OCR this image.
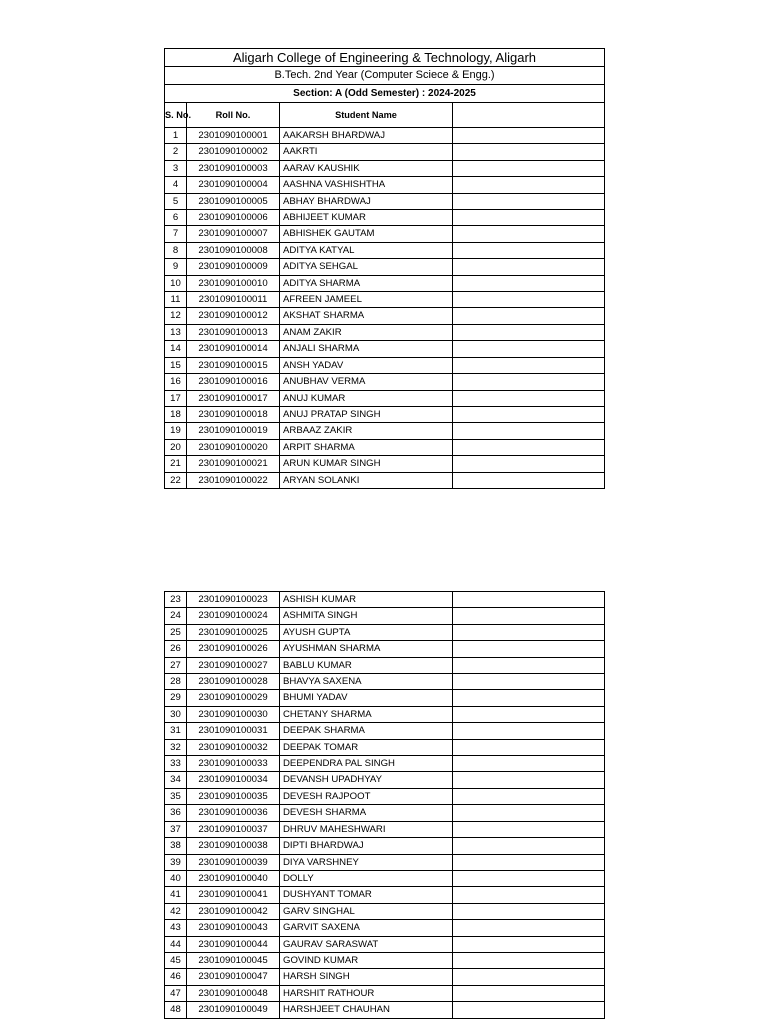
Aligarh College of Engineering & Technology, Aligarh			
B.Tech. 2nd Year (Computer Sciece & Engg.)			
Section: A (Odd Semester) : 2024-2025			
S. No.	Roll No.	Student Name	
1	2301090100001	AAKARSH BHARDWAJ	
2	2301090100002	AAKRTI	
3	2301090100003	AARAV KAUSHIK	
4	2301090100004	AASHNA VASHISHTHA	
5	2301090100005	ABHAY BHARDWAJ	
6	2301090100006	ABHIJEET KUMAR	
7	2301090100007	ABHISHEK GAUTAM	
8	2301090100008	ADITYA KATYAL	
9	2301090100009	ADITYA SEHGAL	
10	2301090100010	ADITYA SHARMA	
11	2301090100011	AFREEN JAMEEL	
12	2301090100012	AKSHAT SHARMA	
13	2301090100013	ANAM ZAKIR	
14	2301090100014	ANJALI SHARMA	
15	2301090100015	ANSH YADAV	
16	2301090100016	ANUBHAV VERMA	
17	2301090100017	ANUJ KUMAR	
18	2301090100018	ANUJ PRATAP SINGH	
19	2301090100019	ARBAAZ ZAKIR	
20	2301090100020	ARPIT SHARMA	
21	2301090100021	ARUN KUMAR SINGH	
22	2301090100022	ARYAN SOLANKI	
23	2301090100023	ASHISH KUMAR	
24	2301090100024	ASHMITA SINGH	
25	2301090100025	AYUSH GUPTA	
26	2301090100026	AYUSHMAN SHARMA	
27	2301090100027	BABLU KUMAR	
28	2301090100028	BHAVYA SAXENA	
29	2301090100029	BHUMI YADAV	
30	2301090100030	CHETANY SHARMA	
31	2301090100031	DEEPAK SHARMA	
32	2301090100032	DEEPAK TOMAR	
33	2301090100033	DEEPENDRA PAL SINGH	
34	2301090100034	DEVANSH UPADHYAY	
35	2301090100035	DEVESH RAJPOOT	
36	2301090100036	DEVESH SHARMA	
37	2301090100037	DHRUV MAHESHWARI	
38	2301090100038	DIPTI BHARDWAJ	
39	2301090100039	DIYA VARSHNEY	
40	2301090100040	DOLLY	
41	2301090100041	DUSHYANT TOMAR	
42	2301090100042	GARV SINGHAL	
43	2301090100043	GARVIT SAXENA	
44	2301090100044	GAURAV SARASWAT	
45	2301090100045	GOVIND KUMAR	
46	2301090100047	HARSH SINGH	
47	2301090100048	HARSHIT RATHOUR	
48	2301090100049	HARSHJEET CHAUHAN	
